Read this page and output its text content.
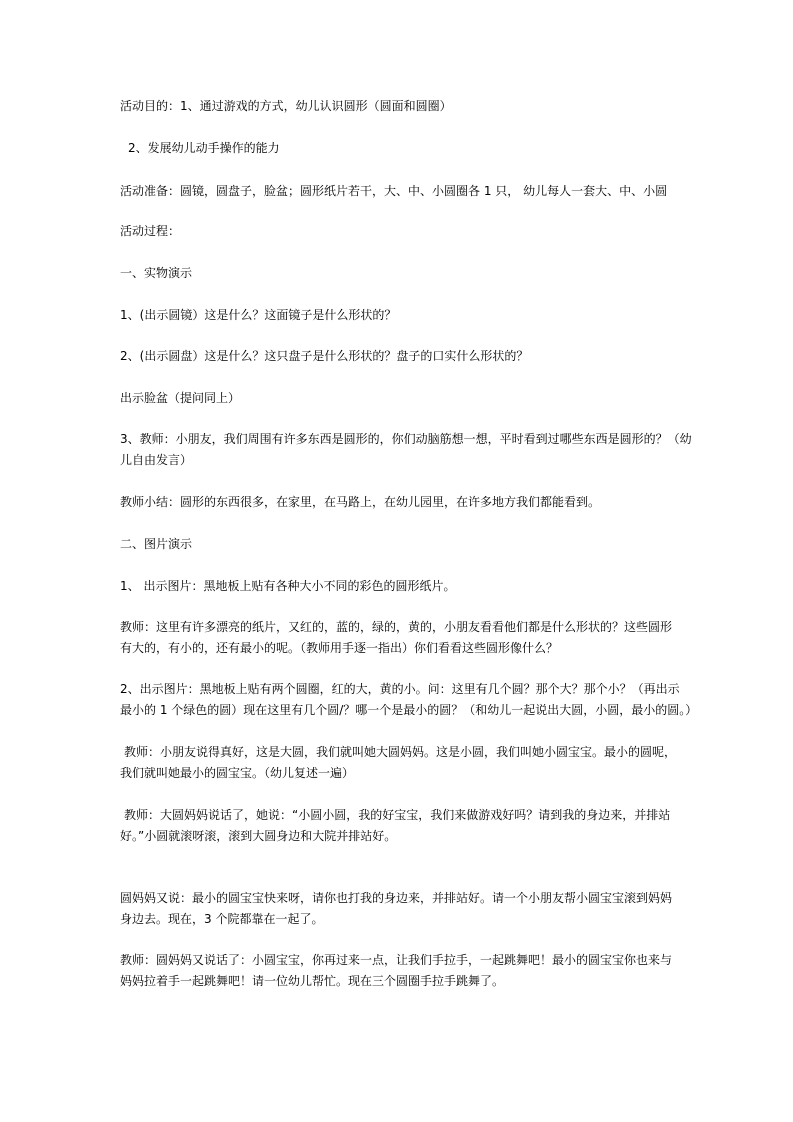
活动目的：1、通过游戏的方式，幼儿认识圆形（圆面和圆圈）
2、发展幼儿动手操作的能力
活动准备：圆镜，圆盘子，脸盆；圆形纸片若干，大、中、小圆圈各 1 只， 幼儿每人一套大、中、小圆
活动过程：
一、实物演示
1、(出示圆镜）这是什么？这面镜子是什么形状的？
2、(出示圆盘）这是什么？这只盘子是什么形状的？盘子的口实什么形状的？
出示脸盆（提问同上）
3、教师：小朋友，我们周围有许多东西是圆形的，你们动脑筋想一想，平时看到过哪些东西是圆形的？（幼
儿自由发言）
教师小结：圆形的东西很多，在家里，在马路上，在幼儿园里，在许多地方我们都能看到。
二、图片演示
1、 出示图片：黑地板上贴有各种大小不同的彩色的圆形纸片。
教师：这里有许多漂亮的纸片，又红的，蓝的，绿的，黄的，小朋友看看他们都是什么形状的？这些圆形
有大的，有小的，还有最小的呢。（教师用手逐一指出）你们看看这些圆形像什么？
2、出示图片：黑地板上贴有两个圆圈，红的大，黄的小。问：这里有几个圆？那个大？那个小？（再出示
最小的 1 个绿色的圆）现在这里有几个圆/？哪一个是最小的圆？（和幼儿一起说出大圆，小圆，最小的圆。）
教师：小朋友说得真好，这是大圆，我们就叫她大圆妈妈。这是小圆，我们叫她小圆宝宝。最小的圆呢，
我们就叫她最小的圆宝宝。（幼儿复述一遍）
教师：大圆妈妈说话了，她说：“小圆小圆，我的好宝宝，我们来做游戏好吗？请到我的身边来，并排站
好。”小圆就滚呀滚，滚到大圆身边和大院并排站好。
圆妈妈又说：最小的圆宝宝快来呀，请你也打我的身边来，并排站好。请一个小朋友帮小圆宝宝滚到妈妈
身边去。现在，3 个院都靠在一起了。
教师：圆妈妈又说话了：小圆宝宝，你再过来一点，让我们手拉手，一起跳舞吧！最小的圆宝宝你也来与
妈妈拉着手一起跳舞吧！请一位幼儿帮忙。现在三个圆圈手拉手跳舞了。
